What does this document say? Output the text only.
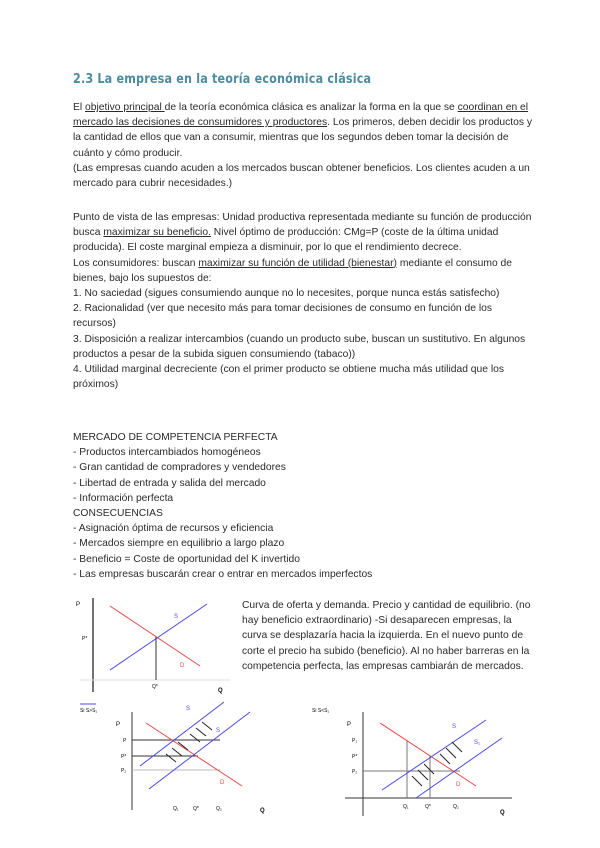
2.3 La empresa en la teoría económica clásica

El objetivo principal de la teoría económica clásica es analizar la forma en la que se coordinan en el mercado las decisiones de consumidores y productores. Los primeros, deben decidir los productos y la cantidad de ellos que van a consumir, mientras que los segundos deben tomar la decisión de cuánto y cómo producir.

(Las empresas cuando acuden a los mercados buscan obtener beneficios. Los clientes acuden a un mercado para cubrir necesidades.)

Punto de vista de las empresas: Unidad productiva representada mediante su función de producción busca maximizar su beneficio. Nivel óptimo de producción: CMg=P (coste de la última unidad producida). El coste marginal empieza a disminuir, por lo que el rendimiento decrece.

Los consumidores: buscan maximizar su función de utilidad (bienestar) mediante el consumo de bienes, bajo los supuestos de:

1. No saciedad (sigues consumiendo aunque no lo necesites, porque nunca estás satisfecho)

2. Racionalidad (ver que necesito más para tomar decisiones de consumo en función de los recursos)

3. Disposición a realizar intercambios (cuando un producto sube, buscan un sustitutivo. En algunos productos a pesar de la subida siguen consumiendo (tabaco))

4. Utilidad marginal decreciente (con el primer producto se obtiene mucha más utilidad que los próximos)

MERCADO DE COMPETENCIA PERFECTA

- Productos intercambiados homogéneos

- Gran cantidad de compradores y vendedores

- Libertad de entrada y salida del mercado

- Información perfecta

CONSECUENCIAS

- Asignación óptima de recursos y eficiencia

- Mercados siempre en equilibrio a largo plazo

- Beneficio = Coste de oportunidad del K invertido

- Las empresas buscarán crear o entrar en mercados imperfectos

P
P*
Q*
Q
S
D
Curva de oferta y demanda. Precio y cantidad de equilibrio. (no hay beneficio extraordinario) -Si desaparecen empresas, la curva se desplazaría hacia la izquierda. En el nuevo punto de corte el precio ha subido (beneficio). Al no haber barreras en la competencia perfecta, las empresas cambiarán de mercados.
Si S>S₁
P
P
P*
P₂
Q₁	Q*	Q₂	Q
S
S
D
Si S<S₁
P
P₁
P*
P₂
Q₁	Q*	Q₂
Q
S
S₁
D
